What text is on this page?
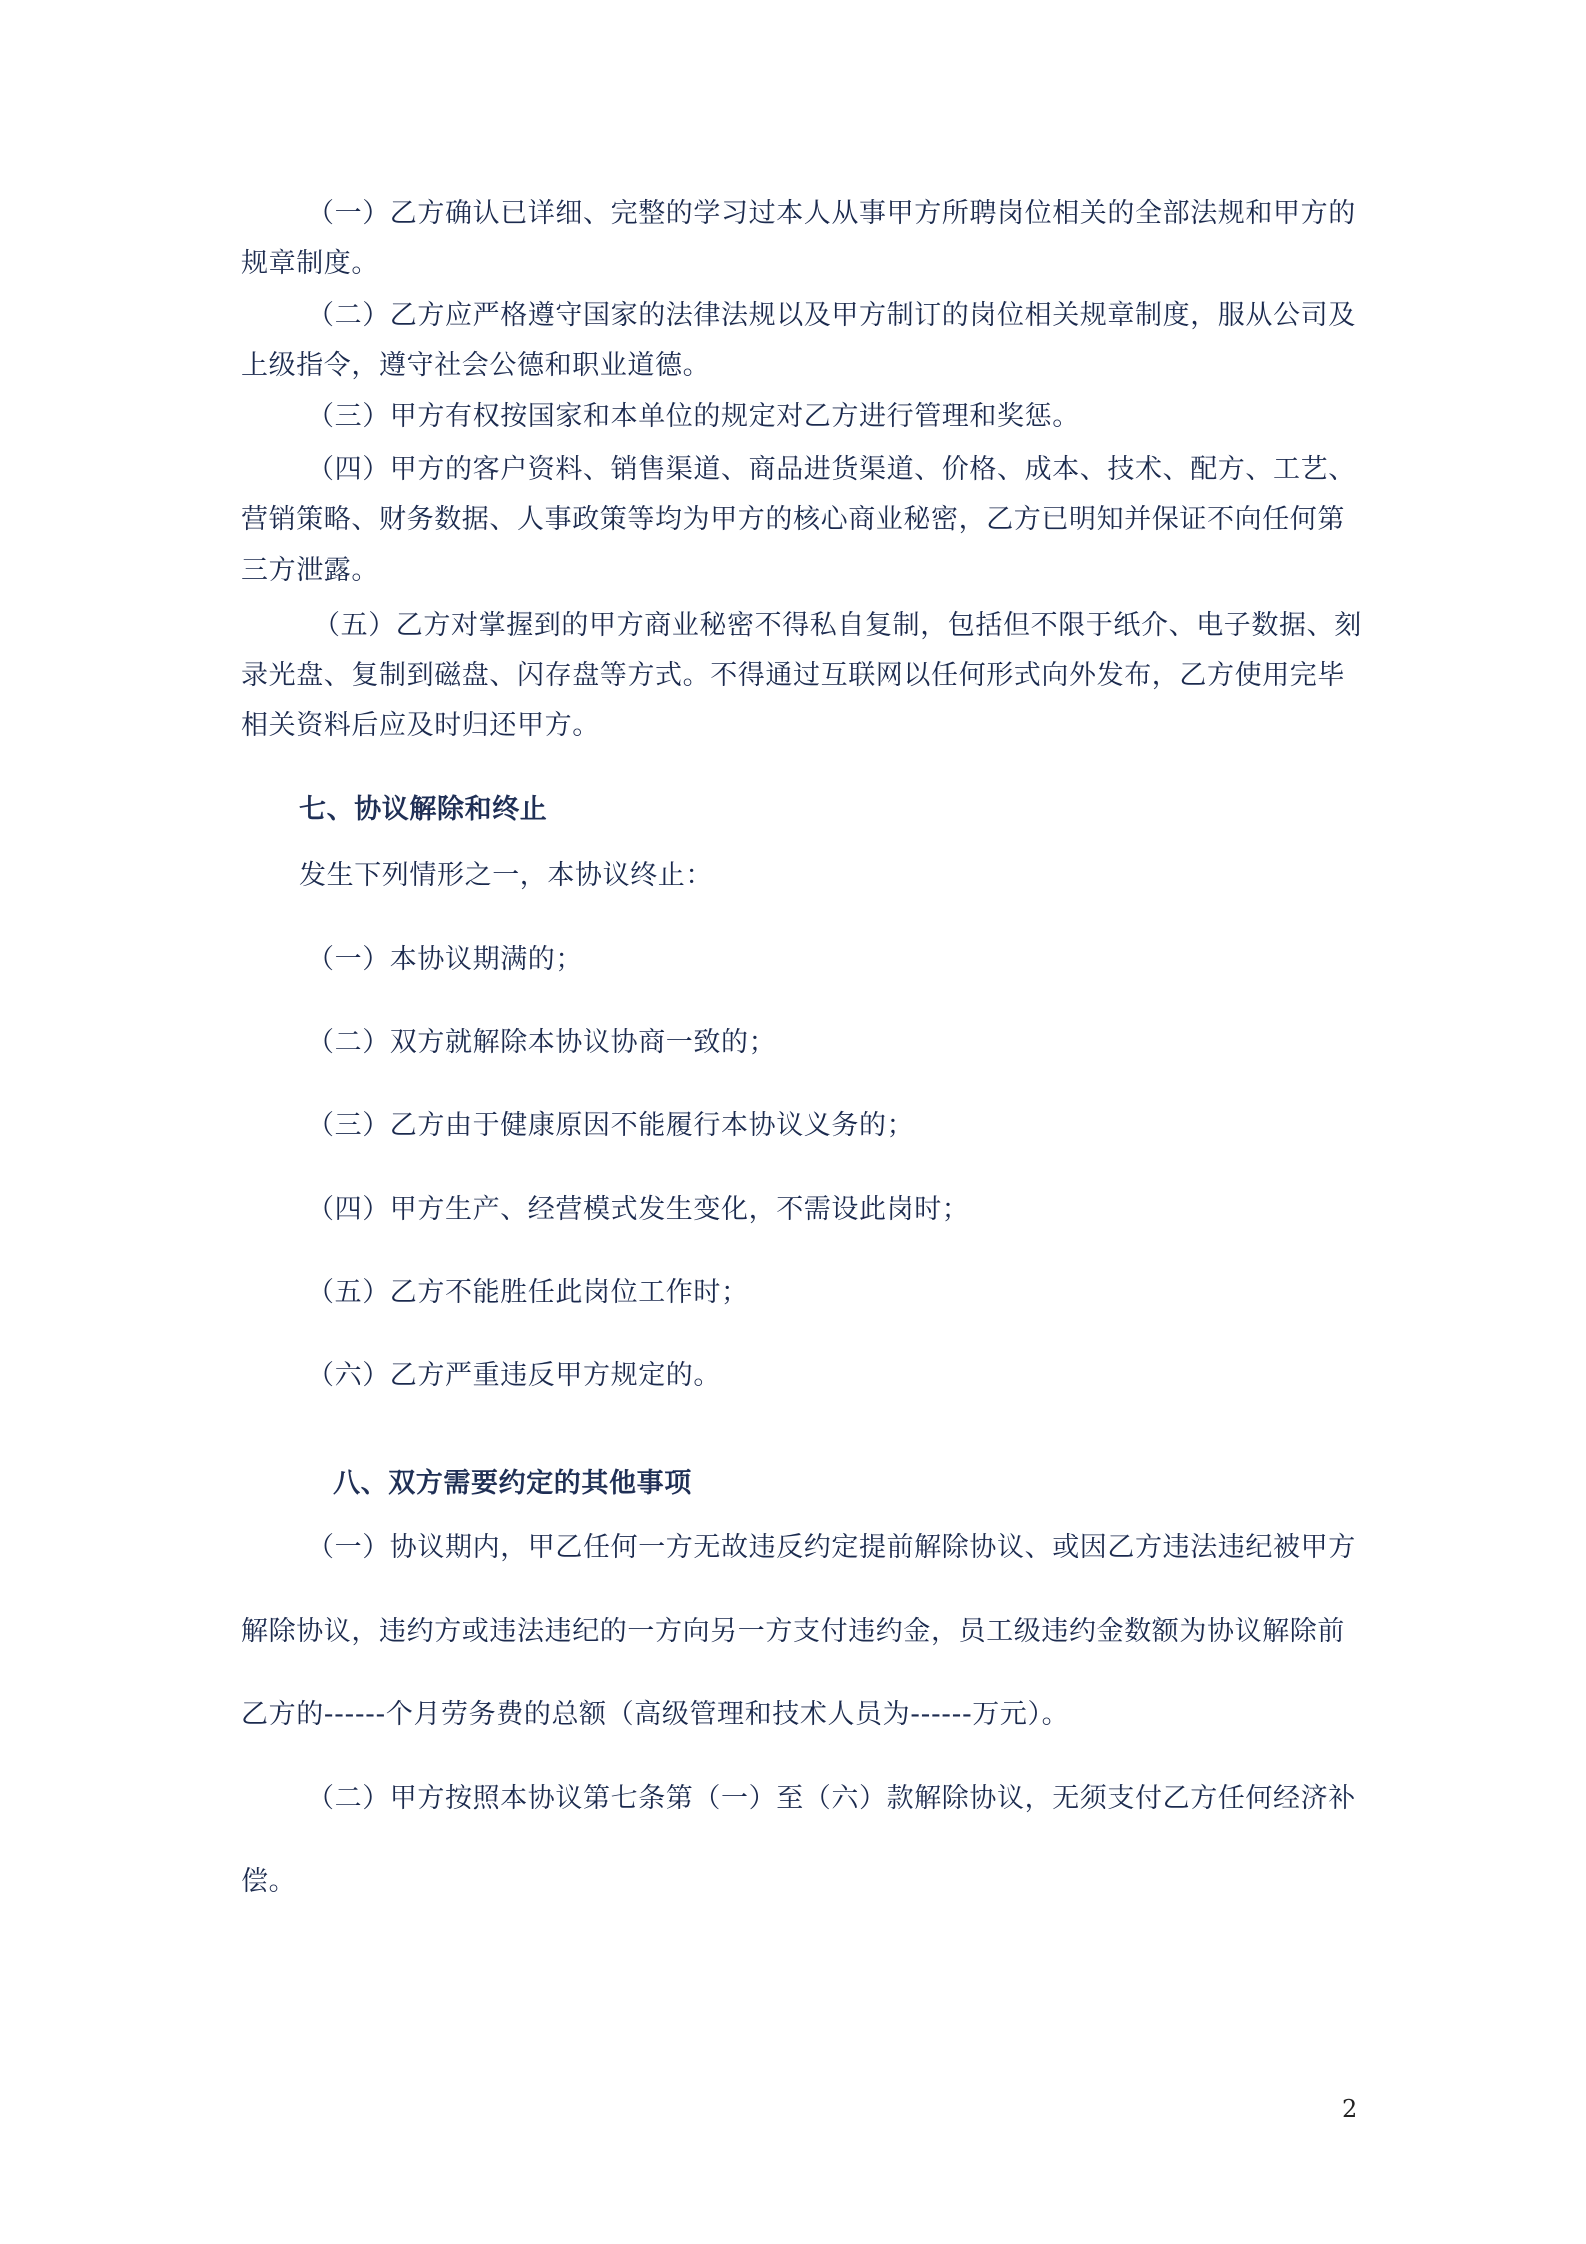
（一）乙方确认已详细、完整的学习过本人从事甲方所聘岗位相关的全部法规和甲方的
规章制度。
（二）乙方应严格遵守国家的法律法规以及甲方制订的岗位相关规章制度，服从公司及
上级指令，遵守社会公德和职业道德。
（三）甲方有权按国家和本单位的规定对乙方进行管理和奖惩。
（四）甲方的客户资料、销售渠道、商品进货渠道、价格、成本、技术、配方、工艺、
营销策略、财务数据、人事政策等均为甲方的核心商业秘密，乙方已明知并保证不向任何第
三方泄露。
（五）乙方对掌握到的甲方商业秘密不得私自复制，包括但不限于纸介、电子数据、刻
录光盘、复制到磁盘、闪存盘等方式。不得通过互联网以任何形式向外发布，乙方使用完毕
相关资料后应及时归还甲方。
七、协议解除和终止
发生下列情形之一，本协议终止：
（一）本协议期满的；
（二）双方就解除本协议协商一致的；
（三）乙方由于健康原因不能履行本协议义务的；
（四）甲方生产、经营模式发生变化，不需设此岗时；
（五）乙方不能胜任此岗位工作时；
（六）乙方严重违反甲方规定的。
八、双方需要约定的其他事项
（一）协议期内，甲乙任何一方无故违反约定提前解除协议、或因乙方违法违纪被甲方
解除协议，违约方或违法违纪的一方向另一方支付违约金，员工级违约金数额为协议解除前
乙方的------个月劳务费的总额（高级管理和技术人员为------万元）。
（二）甲方按照本协议第七条第（一）至（六）款解除协议，无须支付乙方任何经济补
偿。
2
